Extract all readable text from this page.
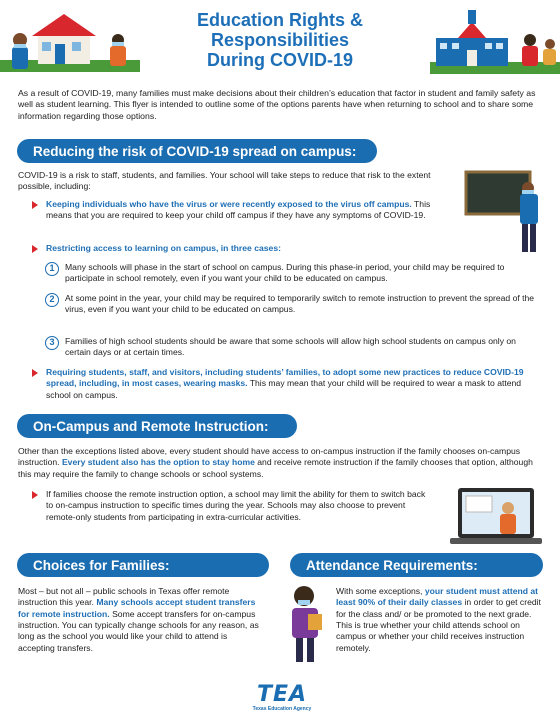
Education Rights & Responsibilities
During COVID-19
As a result of COVID-19, many families must make decisions about their children’s education that factor in student and family safety as well as student learning. This flyer is intended to outline some of the options parents have when returning to school and to share some information regarding those options.
Reducing the risk of COVID-19 spread on campus:
COVID-19 is a risk to staff, students, and families. Your school will take steps to reduce that risk to the extent possible, including:
Keeping individuals who have the virus or were recently exposed to the virus off campus. This means that you are required to keep your child off campus if they have any symptoms of COVID-19.
Restricting access to learning on campus, in three cases:
1	Many schools will phase in the start of school on campus. During this phase-in period, your child may be required to participate in school remotely, even if you want your child to be educated on campus.
2	At some point in the year, your child may be required to temporarily switch to remote instruction to prevent the spread of the virus, even if you want your child to be educated on campus.
3	Families of high school students should be aware that some schools will allow high school students on campus only on certain days or at certain times.
Requiring students, staff, and visitors, including students’ families, to adopt some new practices to reduce COVID-19 spread, including, in most cases, wearing masks. This may mean that your child will be required to wear a mask to attend school on campus.
On-Campus and Remote Instruction:
Other than the exceptions listed above, every student should have access to on-campus instruction if the family chooses on-campus instruction. Every student also has the option to stay home and receive remote instruction if the family chooses that option, although this may require the family to change schools or school systems.
If families choose the remote instruction option, a school may limit the ability for them to switch back to on-campus instruction to specific times during the year. Schools may also choose to prevent remote-only students from participating in extra-curricular activities.
Choices for Families:
Most – but not all – public schools in Texas offer remote instruction this year. Many schools accept student transfers for remote instruction. Some accept transfers for on-campus instruction. You can typically change schools for any reason, as long as the school you would like your child to attend is accepting transfers.
Attendance Requirements:
With some exceptions, your student must attend at least 90% of their daily classes in order to get credit for the class and/ or be promoted to the next grade. This is true whether your child attends school on campus or whether your child receives instruction remotely.
TEA
Texas Education Agency
